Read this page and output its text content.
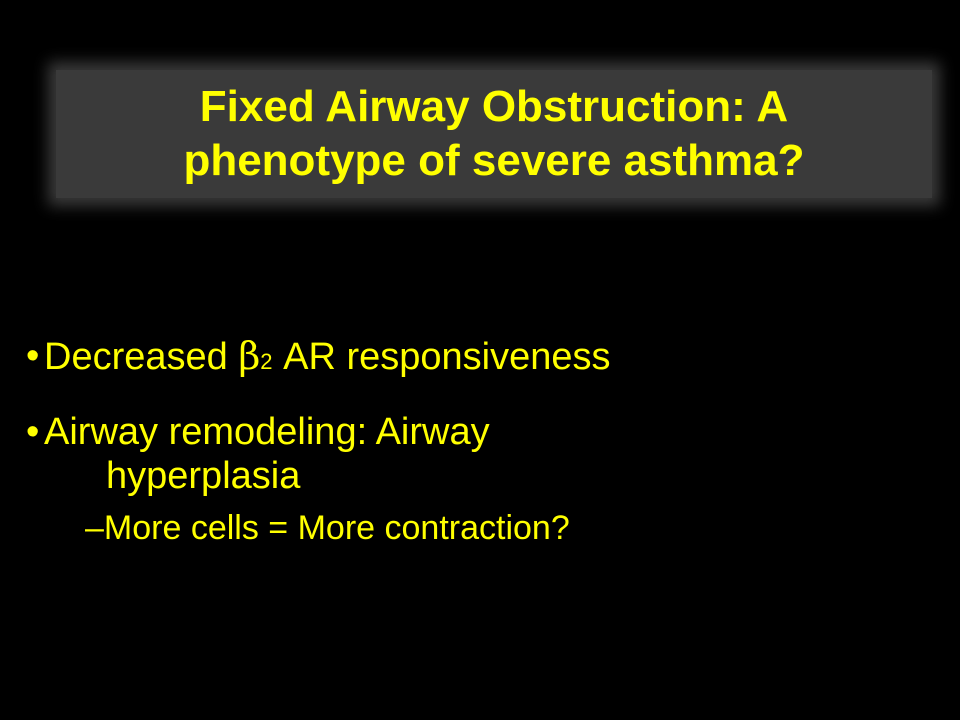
Fixed Airway Obstruction: A
phenotype of severe asthma?
• Decreased β2 AR responsiveness
• Airway remodeling: Airway
hyperplasia
–More cells = More contraction?
